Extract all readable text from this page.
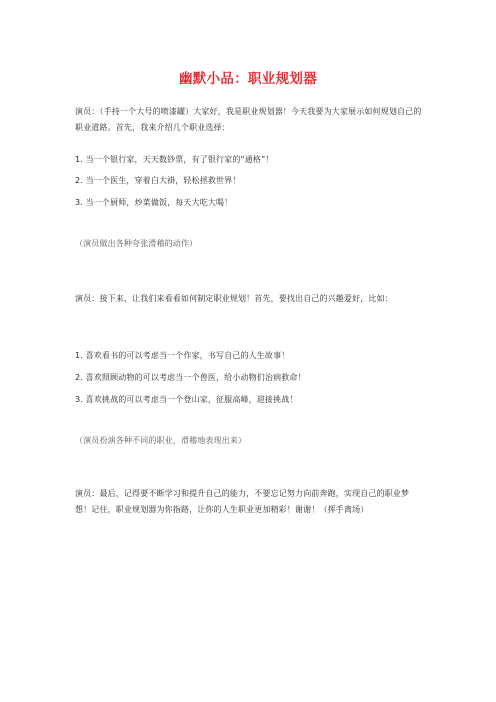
幽默小品：职业规划器
演员：（手持一个大号的喷漆罐）大家好，我是职业规划器！今天我要为大家展示如何规划自己的职业道路。首先，我来介绍几个职业选择：
1. 当一个银行家，天天数钞票，有了银行家的“通格”！
2. 当一个医生，穿着白大褂，轻松拯救世界！
3. 当一个厨师，炒菜做饭，每天大吃大喝！
（演员做出各种夸张滑稽的动作）
演员：接下来，让我们来看看如何制定职业规划！首先，要找出自己的兴趣爱好，比如：
1. 喜欢看书的可以考虑当一个作家，书写自己的人生故事！
2. 喜欢照顾动物的可以考虑当一个兽医，给小动物们治病救命！
3. 喜欢挑战的可以考虑当一个登山家，征服高峰，迎接挑战！
（演员扮演各种不同的职业，滑稽地表现出来）
演员：最后，记得要不断学习和提升自己的能力，不要忘记努力向前奔跑，实现自己的职业梦想！记住，职业规划器为你指路，让你的人生职业更加精彩！谢谢！（挥手离场）
